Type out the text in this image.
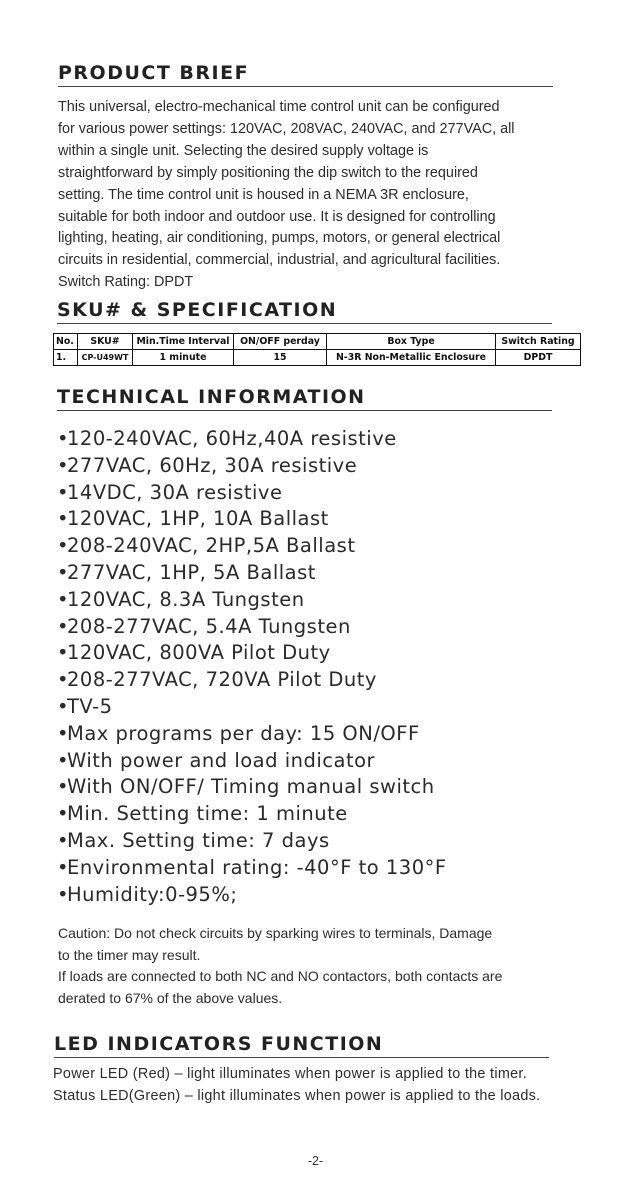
PRODUCT BRIEF

This universal, electro-mechanical time control unit can be configured

for various power settings: 120VAC, 208VAC, 240VAC, and 277VAC, all

within a single unit. Selecting the desired supply voltage is

straightforward by simply positioning the dip switch to the required

setting. The time control unit is housed in a NEMA 3R enclosure,

suitable for both indoor and outdoor use. It is designed for controlling

lighting, heating, air conditioning, pumps, motors, or general electrical

circuits in residential, commercial, industrial, and agricultural facilities.

Switch Rating: DPDT

SKU# & SPECIFICATION
No.	SKU#	Min.Time Interval	ON/OFF perday	Box Type	Switch Rating
1.	CP-U49WT	1 minute	15	N-3R Non-Metallic Enclosure	DPDT
TECHNICAL INFORMATION
•120-240VAC, 60Hz,40A resistive
•277VAC, 60Hz, 30A resistive
•14VDC, 30A resistive
•120VAC, 1HP, 10A Ballast
•208-240VAC, 2HP,5A Ballast
•277VAC, 1HP, 5A Ballast
•120VAC, 8.3A Tungsten
•208-277VAC, 5.4A Tungsten
•120VAC, 800VA Pilot Duty
•208-277VAC, 720VA Pilot Duty
•TV-5
•Max programs per day: 15 ON/OFF
•With power and load indicator
•With ON/OFF/ Timing manual switch
•Min. Setting time: 1 minute
•Max. Setting time: 7 days
•Environmental rating: -40°F to 130°F
•Humidity:0-95%;

Caution: Do not check circuits by sparking wires to terminals, Damage

to the timer may result.

If loads are connected to both NC and NO contactors, both contacts are

derated to 67% of the above values.

LED INDICATORS FUNCTION

Power LED (Red) – light illuminates when power is applied to the timer.

Status LED(Green) – light illuminates when power is applied to the loads.

-2-
